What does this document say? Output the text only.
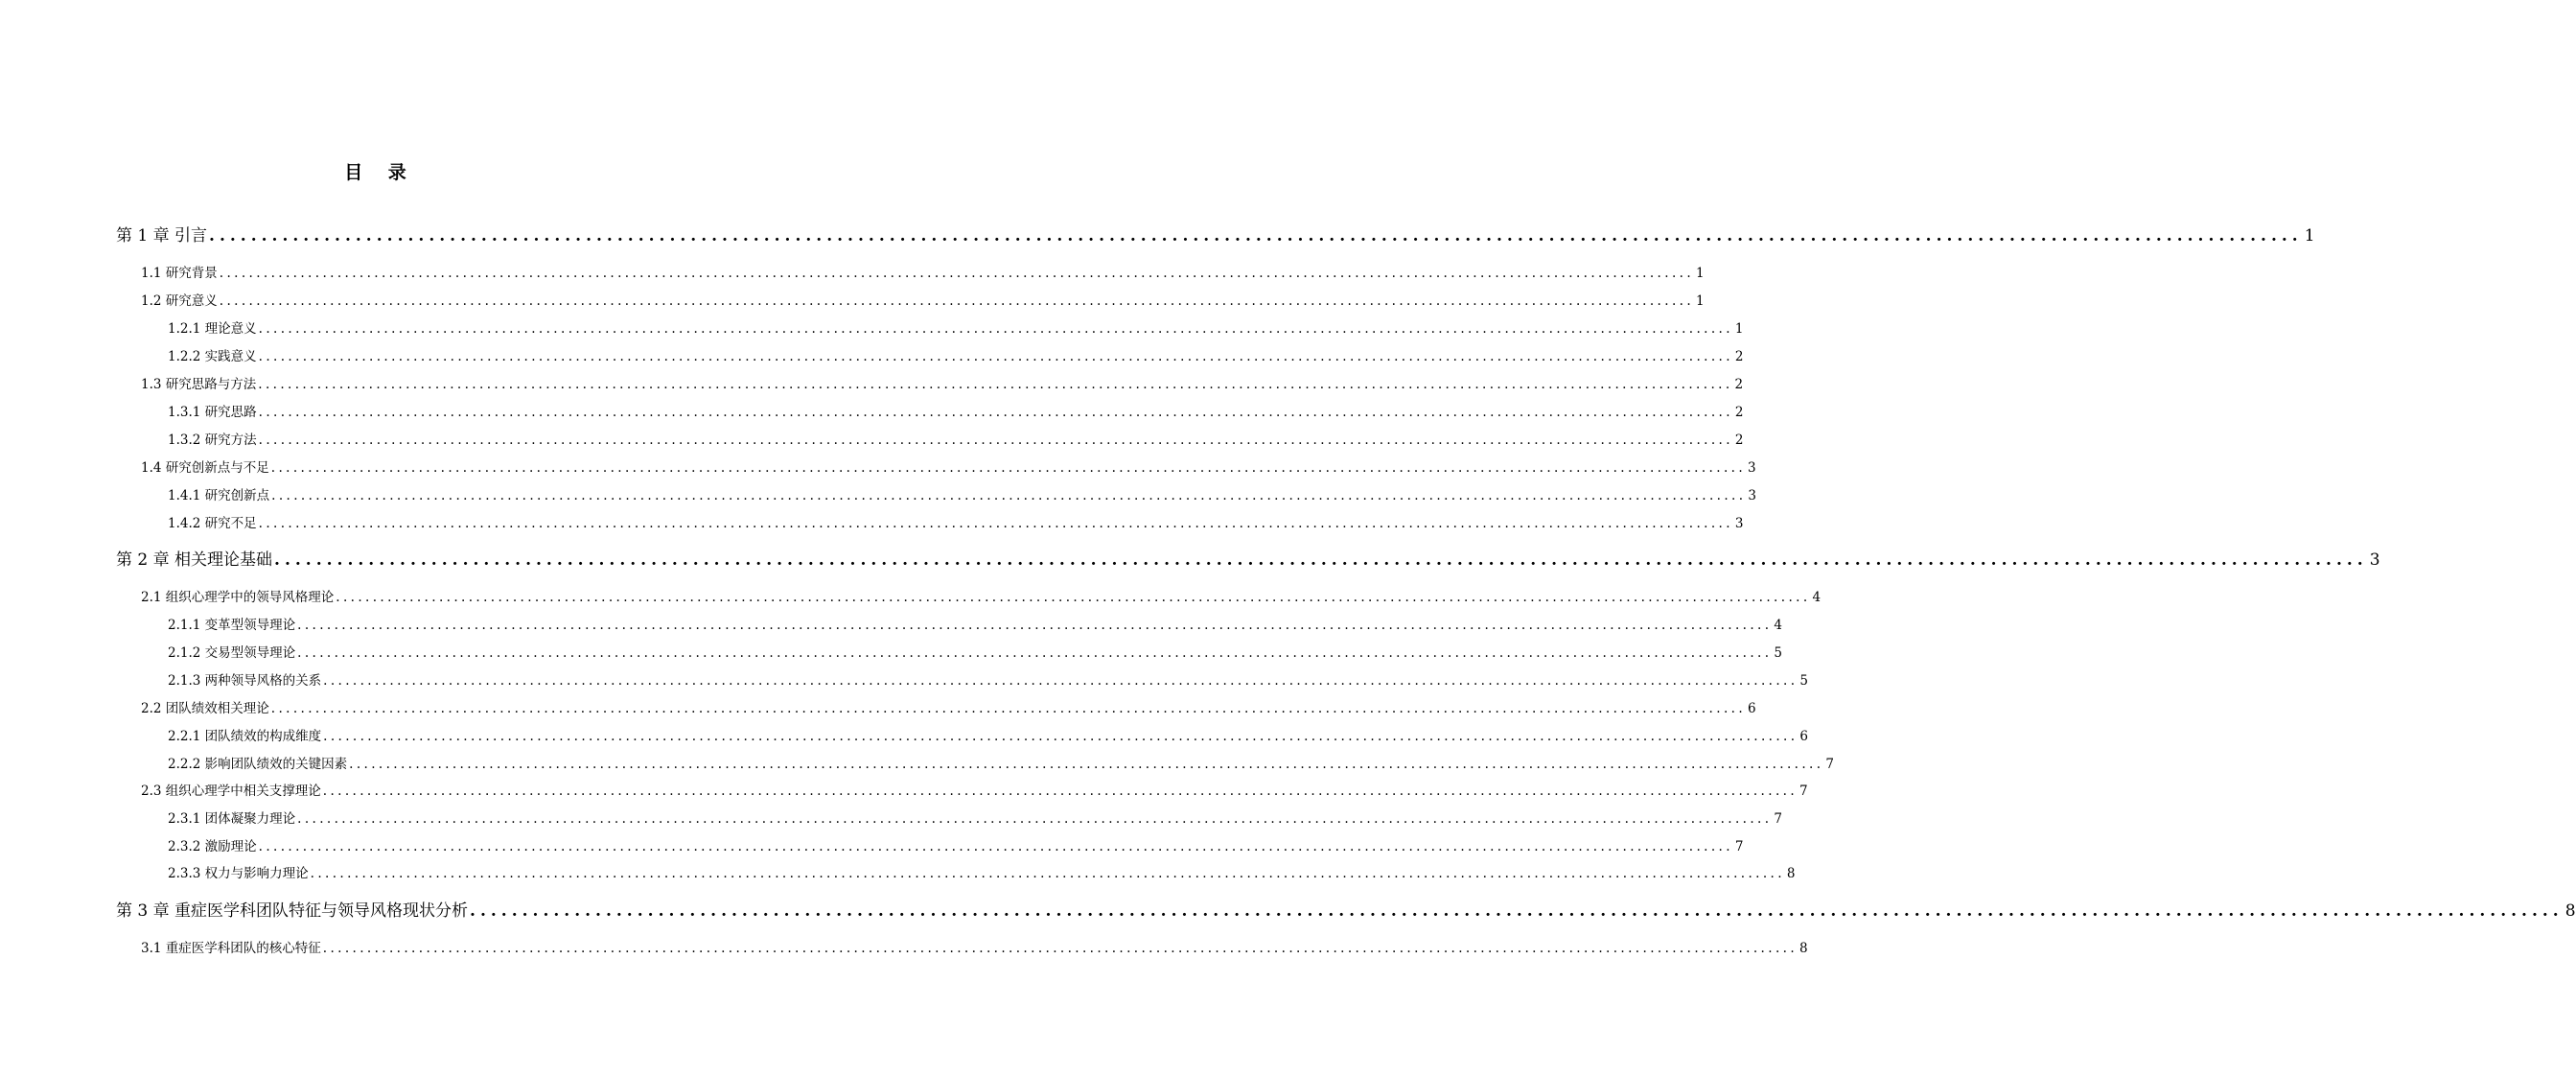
目 录
第 1 章 引言 ........................................................................................................................................................................................................ 1
1.1 研究背景 ........................................................................................................................................................................................................ 1
1.2 研究意义 ........................................................................................................................................................................................................ 1
1.2.1 理论意义 ........................................................................................................................................................................................................ 1
1.2.2 实践意义 ........................................................................................................................................................................................................ 2
1.3 研究思路与方法 ........................................................................................................................................................................................................ 2
1.3.1 研究思路 ........................................................................................................................................................................................................ 2
1.3.2 研究方法 ........................................................................................................................................................................................................ 2
1.4 研究创新点与不足 ........................................................................................................................................................................................................ 3
1.4.1 研究创新点 ........................................................................................................................................................................................................ 3
1.4.2 研究不足 ........................................................................................................................................................................................................ 3
第 2 章 相关理论基础 ........................................................................................................................................................................................................ 3
2.1 组织心理学中的领导风格理论 ........................................................................................................................................................................................................ 4
2.1.1 变革型领导理论 ........................................................................................................................................................................................................ 4
2.1.2 交易型领导理论 ........................................................................................................................................................................................................ 5
2.1.3 两种领导风格的关系 ........................................................................................................................................................................................................ 5
2.2 团队绩效相关理论 ........................................................................................................................................................................................................ 6
2.2.1 团队绩效的构成维度 ........................................................................................................................................................................................................ 6
2.2.2 影响团队绩效的关键因素 ........................................................................................................................................................................................................ 7
2.3 组织心理学中相关支撑理论 ........................................................................................................................................................................................................ 7
2.3.1 团体凝聚力理论 ........................................................................................................................................................................................................ 7
2.3.2 激励理论 ........................................................................................................................................................................................................ 7
2.3.3 权力与影响力理论 ........................................................................................................................................................................................................ 8
第 3 章 重症医学科团队特征与领导风格现状分析 ........................................................................................................................................................................................................ 8
3.1 重症医学科团队的核心特征 ........................................................................................................................................................................................................ 8
